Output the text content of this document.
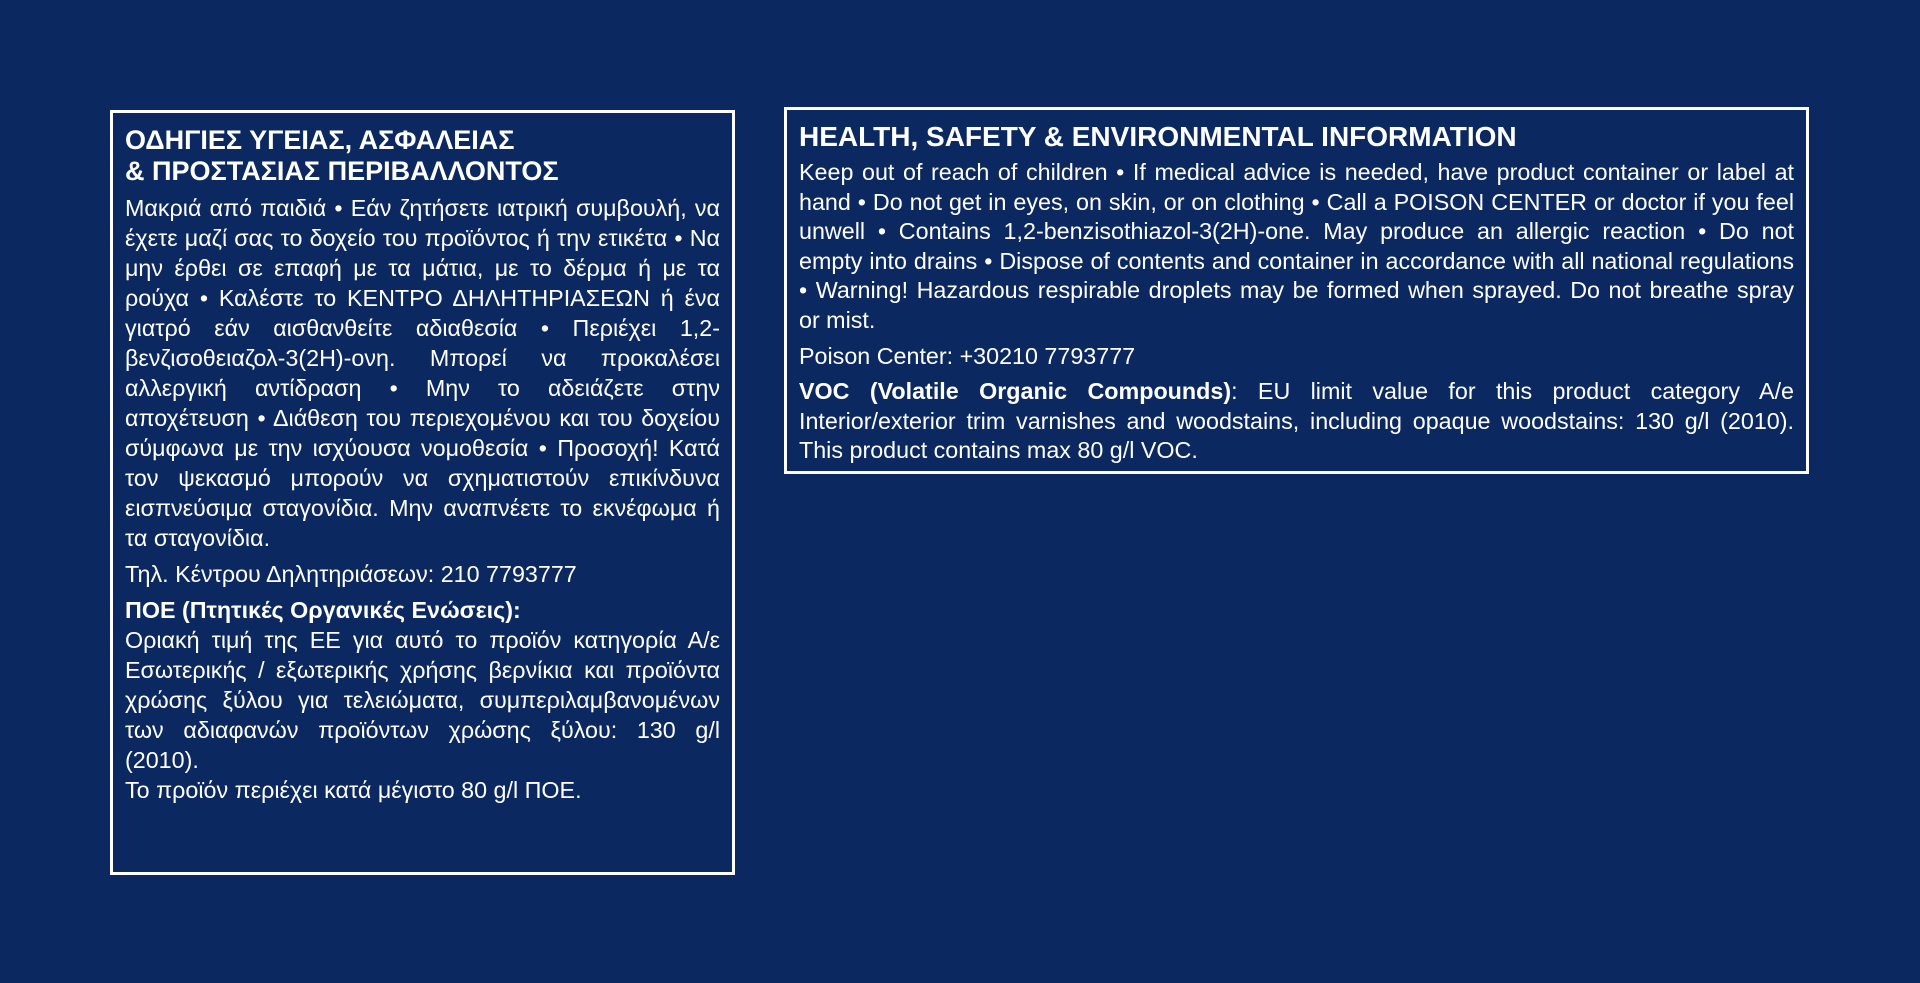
ΟΔΗΓΙΕΣ ΥΓΕΙΑΣ, ΑΣΦΑΛΕΙΑΣ
& ΠΡΟΣΤΑΣΙΑΣ ΠΕΡΙΒΑΛΛΟΝΤΟΣ

Μακριά από παιδιά • Εάν ζητήσετε ιατρική συμβουλή, να έχετε μαζί σας το δοχείο του προϊόντος ή την ετικέτα • Να μην έρθει σε επαφή με τα μάτια, με το δέρμα ή με τα ρούχα • Καλέστε το ΚΕΝΤΡΟ ΔΗΛΗΤΗΡΙΑΣΕΩΝ ή ένα γιατρό εάν αισθανθείτε αδιαθεσία • Περιέχει 1,2-βενζισοθειαζολ-3(2H)-ονη. Μπορεί να προκαλέσει αλλεργική αντίδραση • Μην το αδειάζετε στην αποχέτευση • Διάθεση του περιεχομένου και του δοχείου σύμφωνα με την ισχύουσα νομοθεσία • Προσοχή! Κατά τον ψεκασμό μπορούν να σχηματιστούν επικίνδυνα εισπνεύσιμα σταγονίδια. Μην αναπνέετε το εκνέφωμα ή τα σταγονίδια.

Τηλ. Κέντρου Δηλητηριάσεων: 210 7793777

ΠΟΕ (Πτητικές Οργανικές Ενώσεις):
Οριακή τιμή της ΕΕ για αυτό το προϊόν κατηγορία Α/ε Εσωτερικής / εξωτερικής χρήσης βερνίκια και προϊόντα χρώσης ξύλου για τελειώματα, συμπεριλαμβανομένων των αδιαφανών προϊόντων χρώσης ξύλου: 130 g/l (2010).

Το προϊόν περιέχει κατά μέγιστο 80 g/l ΠΟΕ.

HEALTH, SAFETY & ENVIRONMENTAL INFORMATION

Keep out of reach of children • If medical advice is needed, have product container or label at hand • Do not get in eyes, on skin, or on clothing • Call a POISON CENTER or doctor if you feel unwell • Contains 1,2-benzisothiazol-3(2H)-one. May produce an allergic reaction • Do not empty into drains • Dispose of contents and container in accordance with all national regulations • Warning! Hazardous respirable droplets may be formed when sprayed. Do not breathe spray or mist.

Poison Center: +30210 7793777

VOC (Volatile Organic Compounds): EU limit value for this product category A/e Interior/exterior trim varnishes and woodstains, including opaque woodstains: 130 g/l (2010). This product contains max 80 g/l VOC.
